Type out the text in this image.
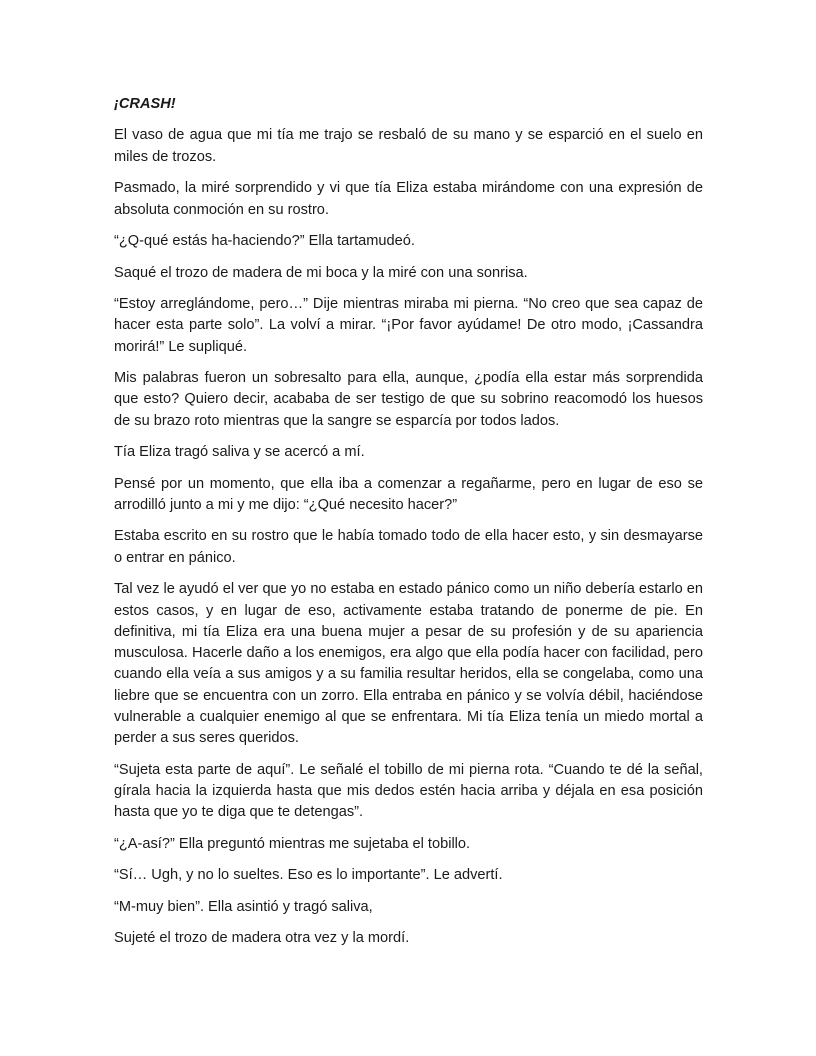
¡CRASH!

El vaso de agua que mi tía me trajo se resbaló de su mano y se esparció en el suelo en miles de trozos.

Pasmado, la miré sorprendido y vi que tía Eliza estaba mirándome con una expresión de absoluta conmoción en su rostro.

“¿Q-qué estás ha-haciendo?” Ella tartamudeó.

Saqué el trozo de madera de mi boca y la miré con una sonrisa.

“Estoy arreglándome, pero…” Dije mientras miraba mi pierna. “No creo que sea capaz de hacer esta parte solo”. La volví a mirar. “¡Por favor ayúdame! De otro modo, ¡Cassandra morirá!” Le supliqué.

Mis palabras fueron un sobresalto para ella, aunque, ¿podía ella estar más sorprendida que esto? Quiero decir, acababa de ser testigo de que su sobrino reacomodó los huesos de su brazo roto mientras que la sangre se esparcía por todos lados.

Tía Eliza tragó saliva y se acercó a mí.

Pensé por un momento, que ella iba a comenzar a regañarme, pero en lugar de eso se arrodilló junto a mi y me dijo: “¿Qué necesito hacer?”

Estaba escrito en su rostro que le había tomado todo de ella hacer esto, y sin desmayarse o entrar en pánico.

Tal vez le ayudó el ver que yo no estaba en estado pánico como un niño debería estarlo en estos casos, y en lugar de eso, activamente estaba tratando de ponerme de pie. En definitiva, mi tía Eliza era una buena mujer a pesar de su profesión y de su apariencia musculosa. Hacerle daño a los enemigos, era algo que ella podía hacer con facilidad, pero cuando ella veía a sus amigos y a su familia resultar heridos, ella se congelaba, como una liebre que se encuentra con un zorro. Ella entraba en pánico y se volvía débil, haciéndose vulnerable a cualquier enemigo al que se enfrentara. Mi tía Eliza tenía un miedo mortal a perder a sus seres queridos.

“Sujeta esta parte de aquí”. Le señalé el tobillo de mi pierna rota. “Cuando te dé la señal, gírala hacia la izquierda hasta que mis dedos estén hacia arriba y déjala en esa posición hasta que yo te diga que te detengas”.

“¿A-así?” Ella preguntó mientras me sujetaba el tobillo.

“Sí… Ugh, y no lo sueltes. Eso es lo importante”. Le advertí.

“M-muy bien”. Ella asintió y tragó saliva,

Sujeté el trozo de madera otra vez y la mordí.
